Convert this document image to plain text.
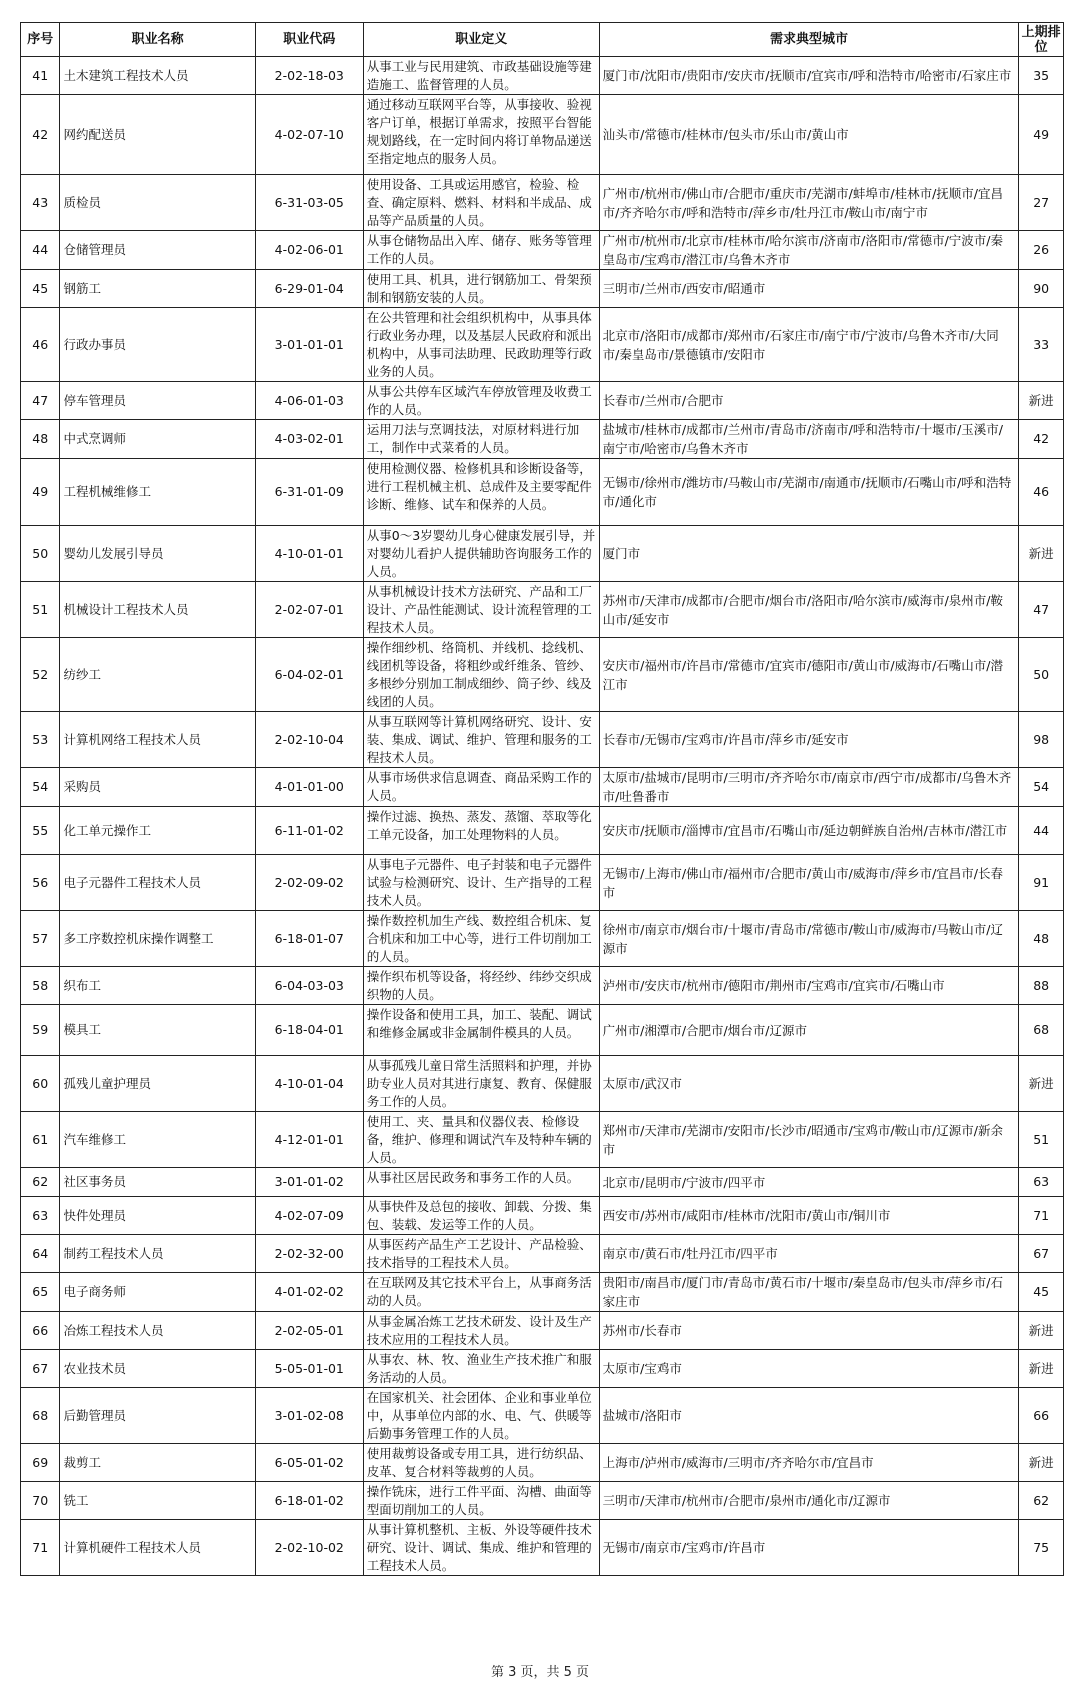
序号	职业名称	职业代码	职业定义	需求典型城市	上期排位
41	土木建筑工程技术人员	2-02-18-03	从事工业与民用建筑、市政基础设施等建造施工、监督管理的人员。	厦门市/沈阳市/贵阳市/安庆市/抚顺市/宜宾市/呼和浩特市/哈密市/石家庄市	35
42	网约配送员	4-02-07-10	通过移动互联网平台等，从事接收、验视客户订单，根据订单需求，按照平台智能规划路线，在一定时间内将订单物品递送至指定地点的服务人员。	汕头市/常德市/桂林市/包头市/乐山市/黄山市	49
43	质检员	6-31-03-05	使用设备、工具或运用感官，检验、检查、确定原料、燃料、材料和半成品、成品等产品质量的人员。	广州市/杭州市/佛山市/合肥市/重庆市/芜湖市/蚌埠市/桂林市/抚顺市/宜昌市/齐齐哈尔市/呼和浩特市/萍乡市/牡丹江市/鞍山市/南宁市	27
44	仓储管理员	4-02-06-01	从事仓储物品出入库、储存、账务等管理工作的人员。	广州市/杭州市/北京市/桂林市/哈尔滨市/济南市/洛阳市/常德市/宁波市/秦皇岛市/宝鸡市/潜江市/乌鲁木齐市	26
45	钢筋工	6-29-01-04	使用工具、机具，进行钢筋加工、骨架预制和钢筋安装的人员。	三明市/兰州市/西安市/昭通市	90
46	行政办事员	3-01-01-01	在公共管理和社会组织机构中，从事具体行政业务办理，以及基层人民政府和派出机构中，从事司法助理、民政助理等行政业务的人员。	北京市/洛阳市/成都市/郑州市/石家庄市/南宁市/宁波市/乌鲁木齐市/大同市/秦皇岛市/景德镇市/安阳市	33
47	停车管理员	4-06-01-03	从事公共停车区域汽车停放管理及收费工作的人员。	长春市/兰州市/合肥市	新进
48	中式烹调师	4-03-02-01	运用刀法与烹调技法，对原材料进行加工，制作中式菜肴的人员。	盐城市/桂林市/成都市/兰州市/青岛市/济南市/呼和浩特市/十堰市/玉溪市/南宁市/哈密市/乌鲁木齐市	42
49	工程机械维修工	6-31-01-09	使用检测仪器、检修机具和诊断设备等，进行工程机械主机、总成件及主要零配件诊断、维修、试车和保养的人员。	无锡市/徐州市/潍坊市/马鞍山市/芜湖市/南通市/抚顺市/石嘴山市/呼和浩特市/通化市	46
50	婴幼儿发展引导员	4-10-01-01	从事0～3岁婴幼儿身心健康发展引导，并对婴幼儿看护人提供辅助咨询服务工作的人员。	厦门市	新进
51	机械设计工程技术人员	2-02-07-01	从事机械设计技术方法研究、产品和工厂设计、产品性能测试、设计流程管理的工程技术人员。	苏州市/天津市/成都市/合肥市/烟台市/洛阳市/哈尔滨市/威海市/泉州市/鞍山市/延安市	47
52	纺纱工	6-04-02-01	操作细纱机、络筒机、并线机、捻线机、线团机等设备，将粗纱或纤维条、管纱、多根纱分别加工制成细纱、筒子纱、线及线团的人员。	安庆市/福州市/许昌市/常德市/宜宾市/德阳市/黄山市/威海市/石嘴山市/潜江市	50
53	计算机网络工程技术人员	2-02-10-04	从事互联网等计算机网络研究、设计、安装、集成、调试、维护、管理和服务的工程技术人员。	长春市/无锡市/宝鸡市/许昌市/萍乡市/延安市	98
54	采购员	4-01-01-00	从事市场供求信息调查、商品采购工作的人员。	太原市/盐城市/昆明市/三明市/齐齐哈尔市/南京市/西宁市/成都市/乌鲁木齐市/吐鲁番市	54
55	化工单元操作工	6-11-01-02	操作过滤、换热、蒸发、蒸馏、萃取等化工单元设备，加工处理物料的人员。	安庆市/抚顺市/淄博市/宜昌市/石嘴山市/延边朝鲜族自治州/吉林市/潜江市	44
56	电子元器件工程技术人员	2-02-09-02	从事电子元器件、电子封装和电子元器件试验与检测研究、设计、生产指导的工程技术人员。	无锡市/上海市/佛山市/福州市/合肥市/黄山市/威海市/萍乡市/宜昌市/长春市	91
57	多工序数控机床操作调整工	6-18-01-07	操作数控机加生产线、数控组合机床、复合机床和加工中心等，进行工件切削加工的人员。	徐州市/南京市/烟台市/十堰市/青岛市/常德市/鞍山市/威海市/马鞍山市/辽源市	48
58	织布工	6-04-03-03	操作织布机等设备，将经纱、纬纱交织成织物的人员。	泸州市/安庆市/杭州市/德阳市/荆州市/宝鸡市/宜宾市/石嘴山市	88
59	模具工	6-18-04-01	操作设备和使用工具，加工、装配、调试和维修金属或非金属制件模具的人员。	广州市/湘潭市/合肥市/烟台市/辽源市	68
60	孤残儿童护理员	4-10-01-04	从事孤残儿童日常生活照料和护理，并协助专业人员对其进行康复、教育、保健服务工作的人员。	太原市/武汉市	新进
61	汽车维修工	4-12-01-01	使用工、夹、量具和仪器仪表、检修设备，维护、修理和调试汽车及特种车辆的人员。	郑州市/天津市/芜湖市/安阳市/长沙市/昭通市/宝鸡市/鞍山市/辽源市/新余市	51
62	社区事务员	3-01-01-02	从事社区居民政务和事务工作的人员。	北京市/昆明市/宁波市/四平市	63
63	快件处理员	4-02-07-09	从事快件及总包的接收、卸载、分拨、集包、装载、发运等工作的人员。	西安市/苏州市/咸阳市/桂林市/沈阳市/黄山市/铜川市	71
64	制药工程技术人员	2-02-32-00	从事医药产品生产工艺设计、产品检验、技术指导的工程技术人员。	南京市/黄石市/牡丹江市/四平市	67
65	电子商务师	4-01-02-02	在互联网及其它技术平台上，从事商务活动的人员。	贵阳市/南昌市/厦门市/青岛市/黄石市/十堰市/秦皇岛市/包头市/萍乡市/石家庄市	45
66	冶炼工程技术人员	2-02-05-01	从事金属冶炼工艺技术研发、设计及生产技术应用的工程技术人员。	苏州市/长春市	新进
67	农业技术员	5-05-01-01	从事农、林、牧、渔业生产技术推广和服务活动的人员。	太原市/宝鸡市	新进
68	后勤管理员	3-01-02-08	在国家机关、社会团体、企业和事业单位中，从事单位内部的水、电、气、供暖等后勤事务管理工作的人员。	盐城市/洛阳市	66
69	裁剪工	6-05-01-02	使用裁剪设备或专用工具，进行纺织品、皮革、复合材料等裁剪的人员。	上海市/泸州市/威海市/三明市/齐齐哈尔市/宜昌市	新进
70	铣工	6-18-01-02	操作铣床，进行工件平面、沟槽、曲面等型面切削加工的人员。	三明市/天津市/杭州市/合肥市/泉州市/通化市/辽源市	62
71	计算机硬件工程技术人员	2-02-10-02	从事计算机整机、主板、外设等硬件技术研究、设计、调试、集成、维护和管理的工程技术人员。	无锡市/南京市/宝鸡市/许昌市	75
第 3 页，共 5 页
